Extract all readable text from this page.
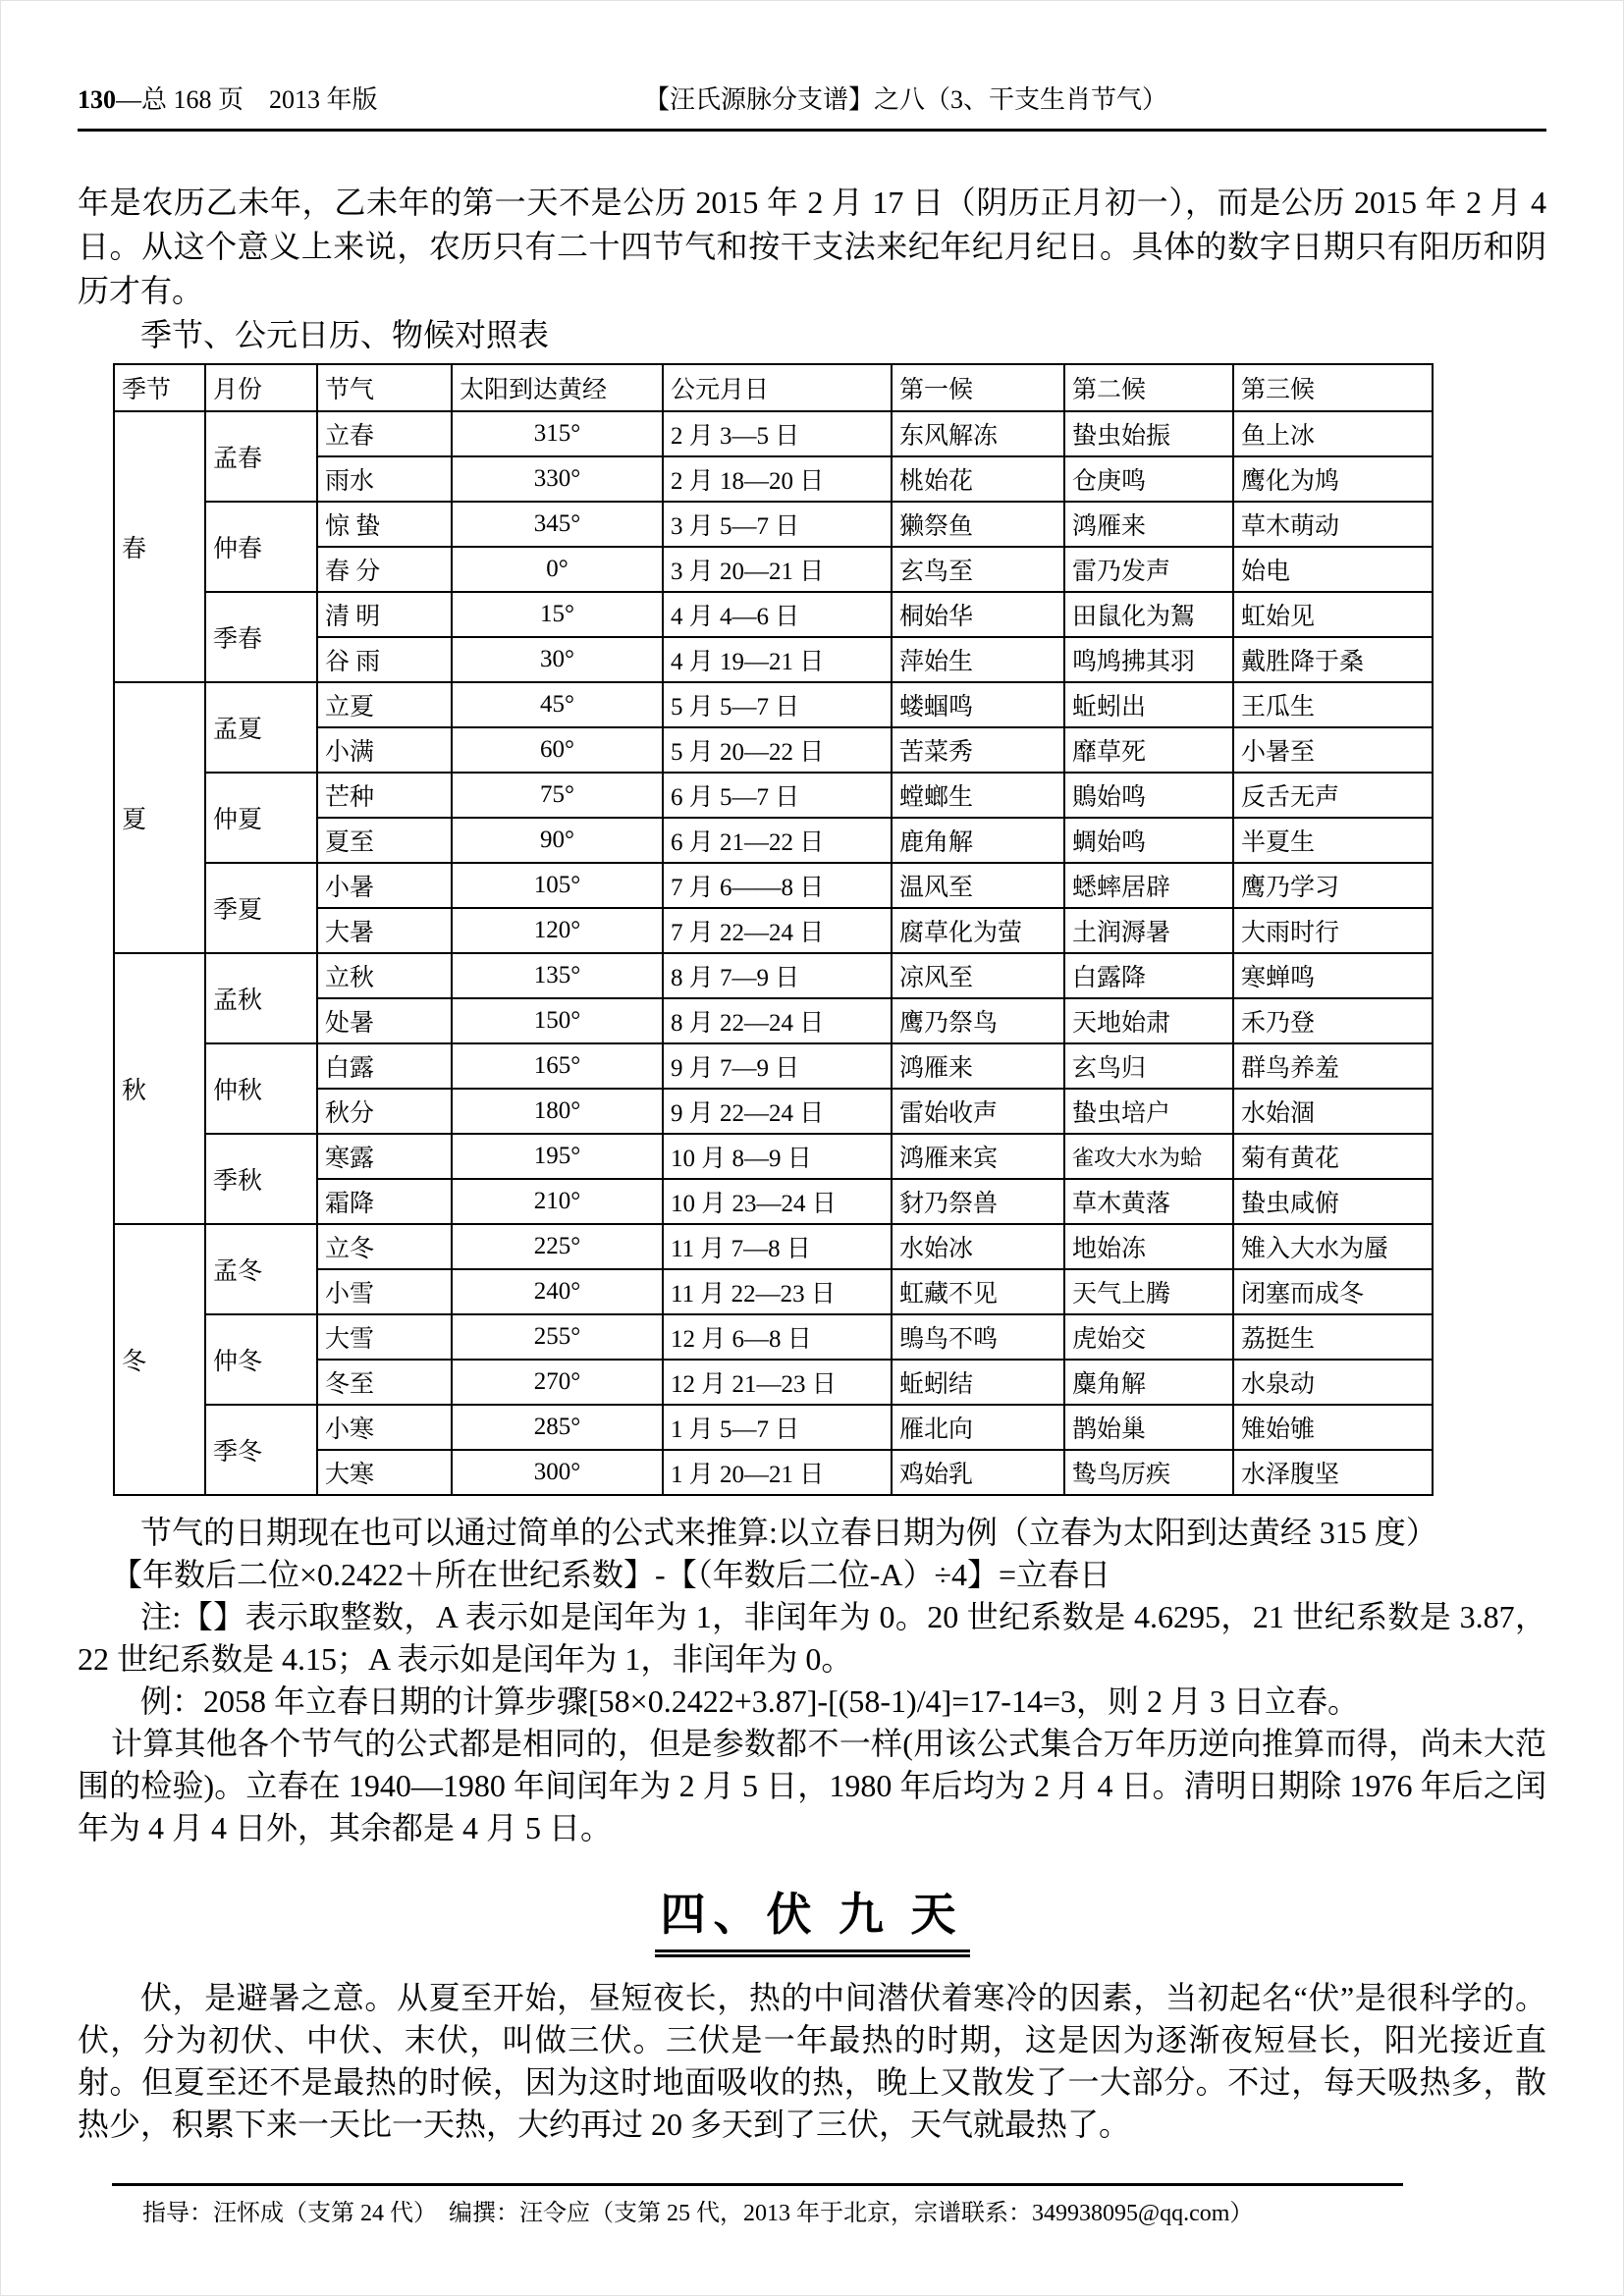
130—总 168 页　2013 年版	【汪氏源脉分支谱】之八（3、干支生肖节气）

年是农历乙未年，乙未年的第一天不是公历 2015 年 2 月 17 日（阴历正月初一），而是公历 2015 年 2 月 4 日。从这个意义上来说，农历只有二十四节气和按干支法来纪年纪月纪日。具体的数字日期只有阳历和阴历才有。

季节、公元日历、物候对照表

季节	月份	节气	太阳到达黄经	公元月日	第一候	第二候	第三候
春	孟春	立春	315°	2 月 3—5 日	东风解冻	蛰虫始振	鱼上冰
		雨水	330°	2 月 18—20 日	桃始花	仓庚鸣	鹰化为鸠
	仲春	惊 蛰	345°	3 月 5—7 日	獭祭鱼	鸿雁来	草木萌动
		春 分	0°	3 月 20—21 日	玄鸟至	雷乃发声	始电
	季春	清 明	15°	4 月 4—6 日	桐始华	田鼠化为鴽	虹始见
		谷 雨	30°	4 月 19—21 日	萍始生	鸣鸠拂其羽	戴胜降于桑
夏	孟夏	立夏	45°	5 月 5—7 日	蝼蝈鸣	蚯蚓出	王瓜生
		小满	60°	5 月 20—22 日	苦菜秀	靡草死	小暑至
	仲夏	芒种	75°	6 月 5—7 日	螳螂生	鵙始鸣	反舌无声
		夏至	90°	6 月 21—22 日	鹿角解	蜩始鸣	半夏生
	季夏	小暑	105°	7 月 6——8 日	温风至	蟋蟀居辟	鹰乃学习
		大暑	120°	7 月 22—24 日	腐草化为萤	土润溽暑	大雨时行
秋	孟秋	立秋	135°	8 月 7—9 日	凉风至	白露降	寒蝉鸣
		处暑	150°	8 月 22—24 日	鹰乃祭鸟	天地始肃	禾乃登
	仲秋	白露	165°	9 月 7—9 日	鸿雁来	玄鸟归	群鸟养羞
		秋分	180°	9 月 22—24 日	雷始收声	蛰虫培户	水始涸
	季秋	寒露	195°	10 月 8—9 日	鸿雁来宾	雀攻大水为蛤	菊有黄花
		霜降	210°	10 月 23—24 日	豺乃祭兽	草木黄落	蛰虫咸俯
冬	孟冬	立冬	225°	11 月 7—8 日	水始冰	地始冻	雉入大水为蜃
		小雪	240°	11 月 22—23 日	虹藏不见	天气上腾	闭塞而成冬
	仲冬	大雪	255°	12 月 6—8 日	鴠鸟不鸣	虎始交	荔挺生
		冬至	270°	12 月 21—23 日	蚯蚓结	麋角解	水泉动
	季冬	小寒	285°	1 月 5—7 日	雁北向	鹊始巢	雉始雊
		大寒	300°	1 月 20—21 日	鸡始乳	鸷鸟厉疾	水泽腹坚

节气的日期现在也可以通过简单的公式来推算:以立春日期为例（立春为太阳到达黄经 315 度）

【年数后二位×0.2422＋所在世纪系数】-【（年数后二位-A）÷4】=立春日

注:【】表示取整数，A 表示如是闰年为 1，非闰年为 0。20 世纪系数是 4.6295，21 世纪系数是 3.87，22 世纪系数是 4.15；A 表示如是闰年为 1，非闰年为 0。

例：2058 年立春日期的计算步骤[58×0.2422+3.87]-[(58-1)/4]=17-14=3，则 2 月 3 日立春。

计算其他各个节气的公式都是相同的，但是参数都不一样(用该公式集合万年历逆向推算而得，尚未大范围的检验)。立春在 1940—1980 年间闰年为 2 月 5 日，1980 年后均为 2 月 4 日。清明日期除 1976 年后之闰年为 4 月 4 日外，其余都是 4 月 5 日。

四、伏 九 天

伏，是避暑之意。从夏至开始，昼短夜长，热的中间潜伏着寒冷的因素，当初起名“伏”是很科学的。伏，分为初伏、中伏、末伏，叫做三伏。三伏是一年最热的时期，这是因为逐渐夜短昼长，阳光接近直射。但夏至还不是最热的时候，因为这时地面吸收的热，晚上又散发了一大部分。不过，每天吸热多，散热少，积累下来一天比一天热，大约再过 20 多天到了三伏，天气就最热了。

指导：汪怀成（支第 24 代）　编撰：汪令应（支第 25 代，2013 年于北京，宗谱联系：349938095@qq.com）
